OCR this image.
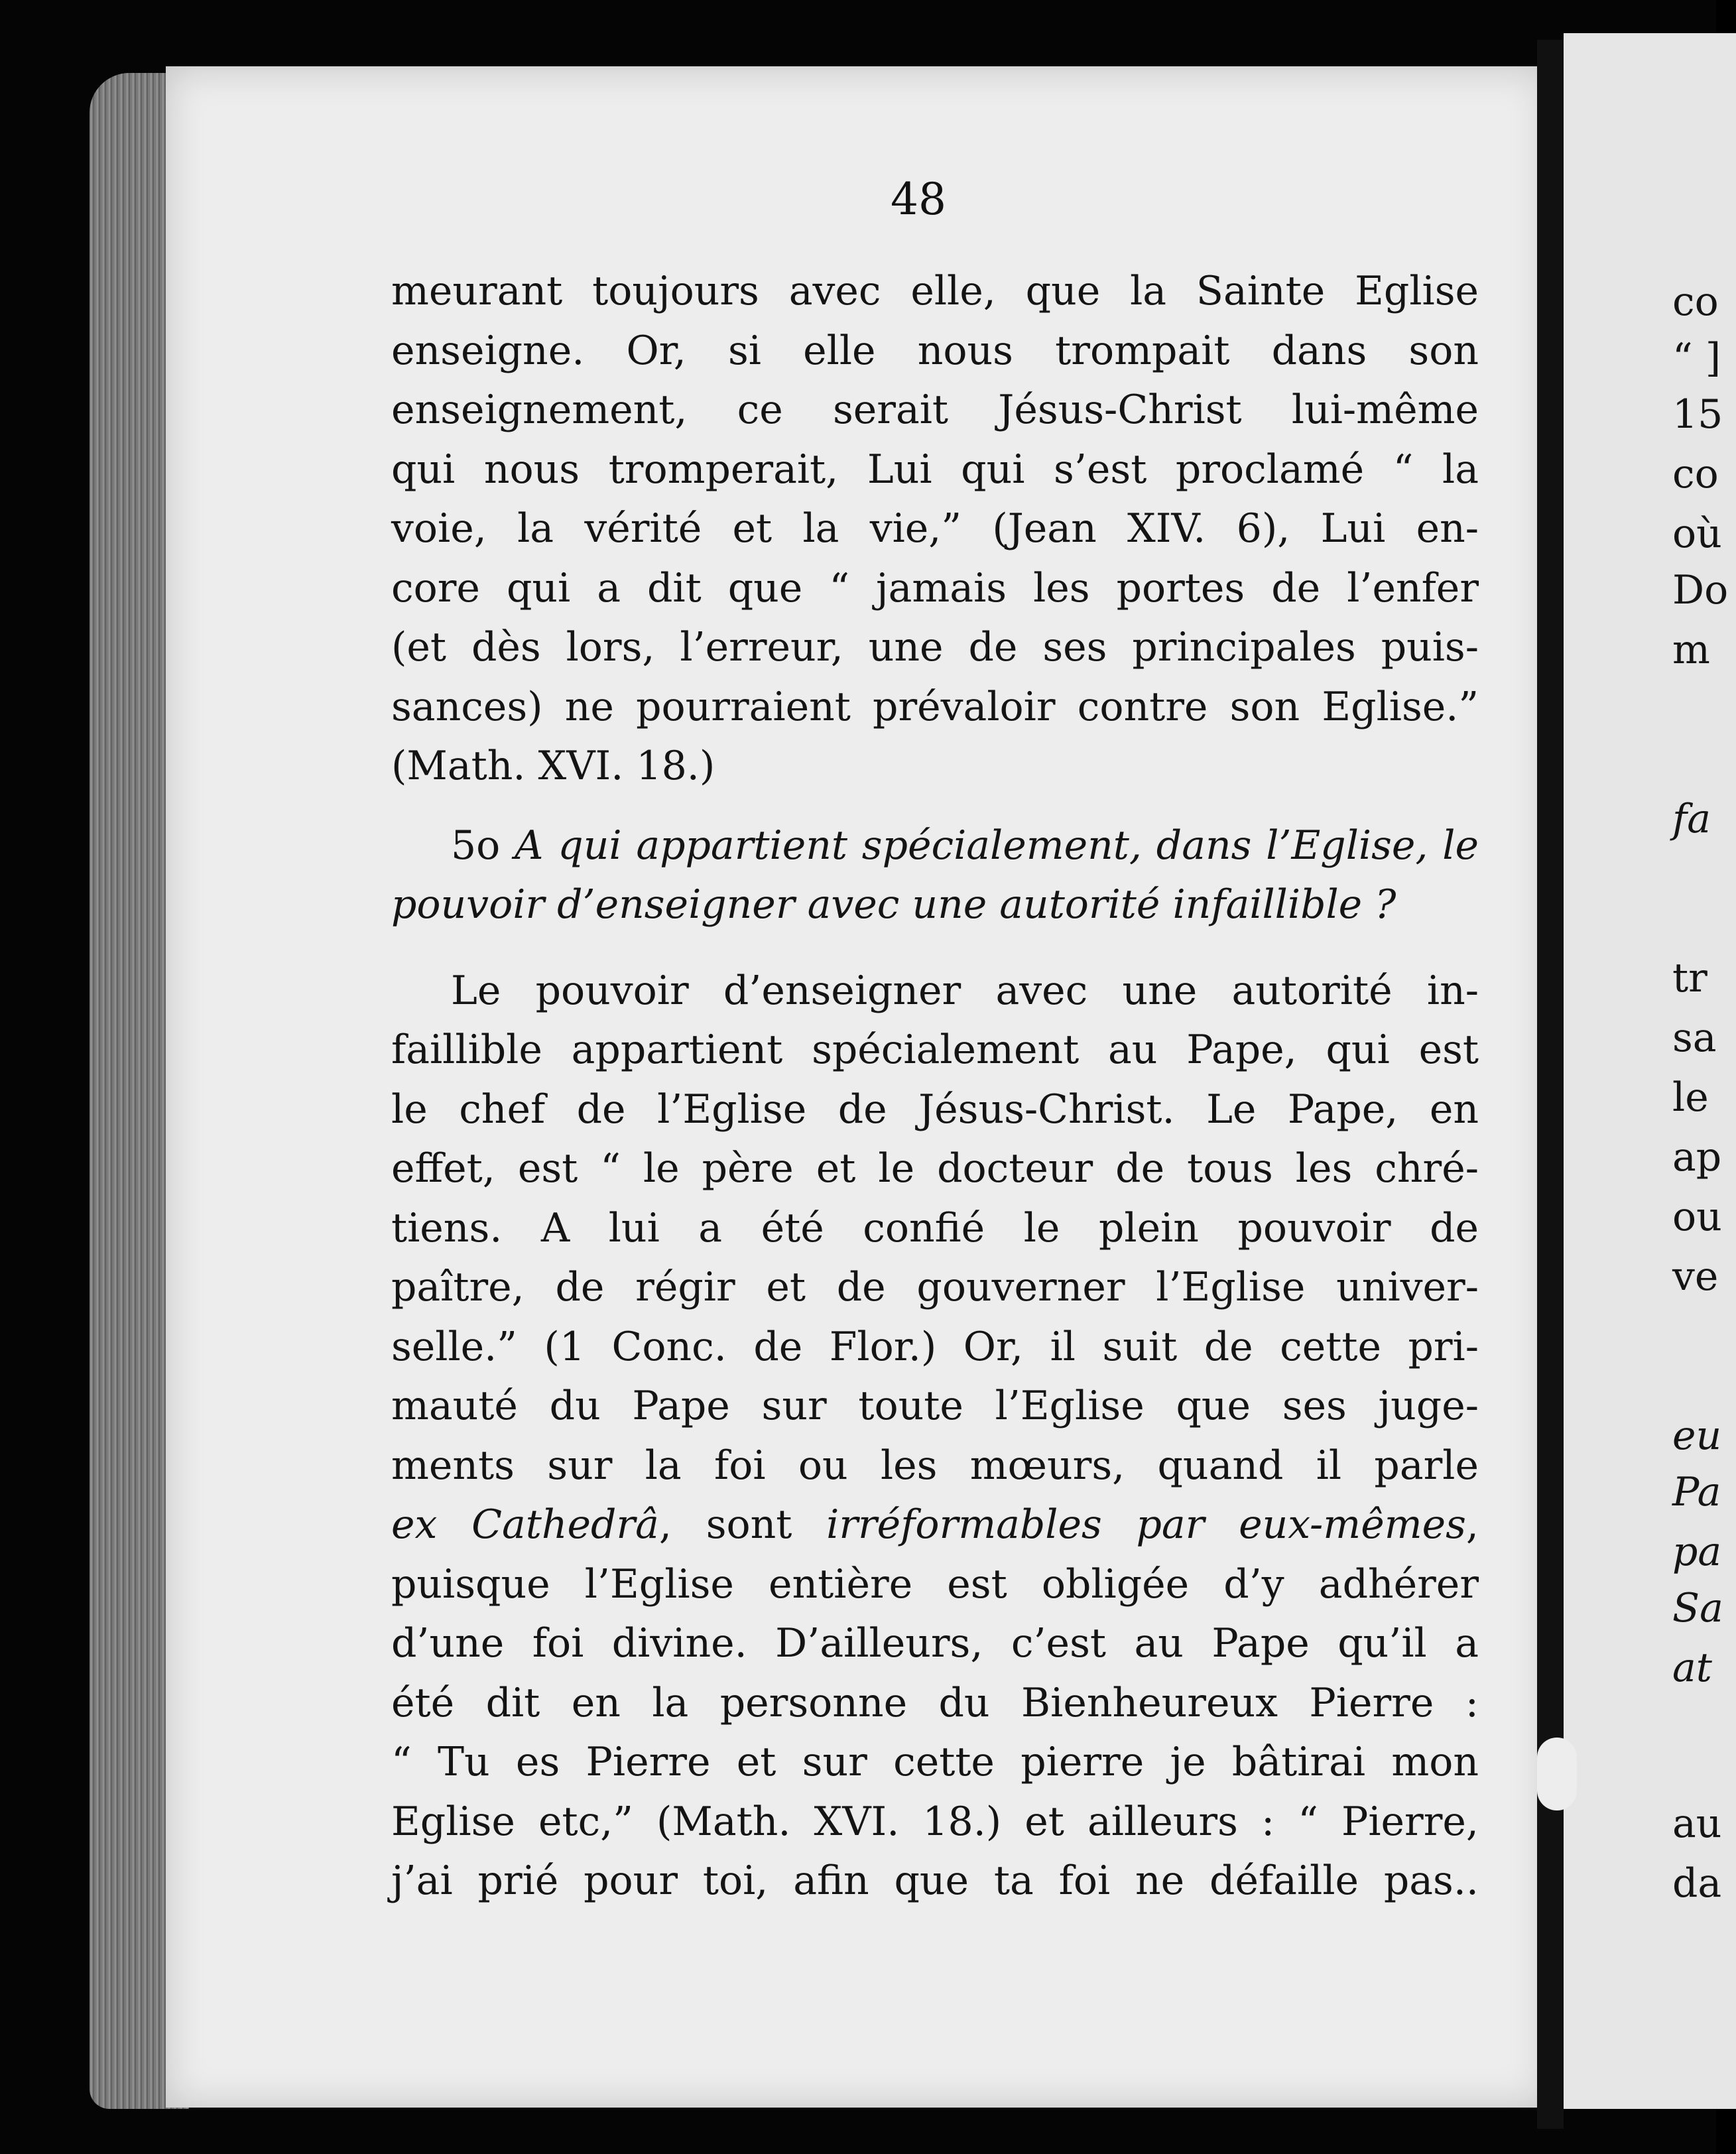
48
meurant toujours avec elle, que la Sainte Eglise
enseigne. Or, si elle nous trompait dans son
enseignement, ce serait Jésus-Christ lui-même
qui nous tromperait, Lui qui s’est proclamé “ la
voie, la vérité et la vie,” (Jean XIV. 6), Lui en-
core qui a dit que “ jamais les portes de l’enfer
(et dès lors, l’erreur, une de ses principales puis-
sances) ne pourraient prévaloir contre son Eglise.”
(Math. XVI. 18.)
5o A qui appartient spécialement, dans l’Eglise, le
pouvoir d’enseigner avec une autorité infaillible ?
Le pouvoir d’enseigner avec une autorité in-
faillible appartient spécialement au Pape, qui est
le chef de l’Eglise de Jésus-Christ. Le Pape, en
effet, est “ le père et le docteur de tous les chré-
tiens. A lui a été confié le plein pouvoir de
paître, de régir et de gouverner l’Eglise univer-
selle.” (1 Conc. de Flor.) Or, il suit de cette pri-
mauté du Pape sur toute l’Eglise que ses juge-
ments sur la foi ou les mœurs, quand il parle
ex Cathedrâ, sont irréformables par eux-mêmes,
puisque l’Eglise entière est obligée d’y adhérer
d’une foi divine. D’ailleurs, c’est au Pape qu’il a
été dit en la personne du Bienheureux Pierre :
“ Tu es Pierre et sur cette pierre je bâtirai mon
Eglise etc,” (Math. XVI. 18.) et ailleurs : “ Pierre,
j’ai prié pour toi, afin que ta foi ne défaille pas..
co
“ ]
15
co
où
Do
m
fa
tr
sa
le
ap
ou
ve
eu
Pa
pa
Sa
at
au
da
